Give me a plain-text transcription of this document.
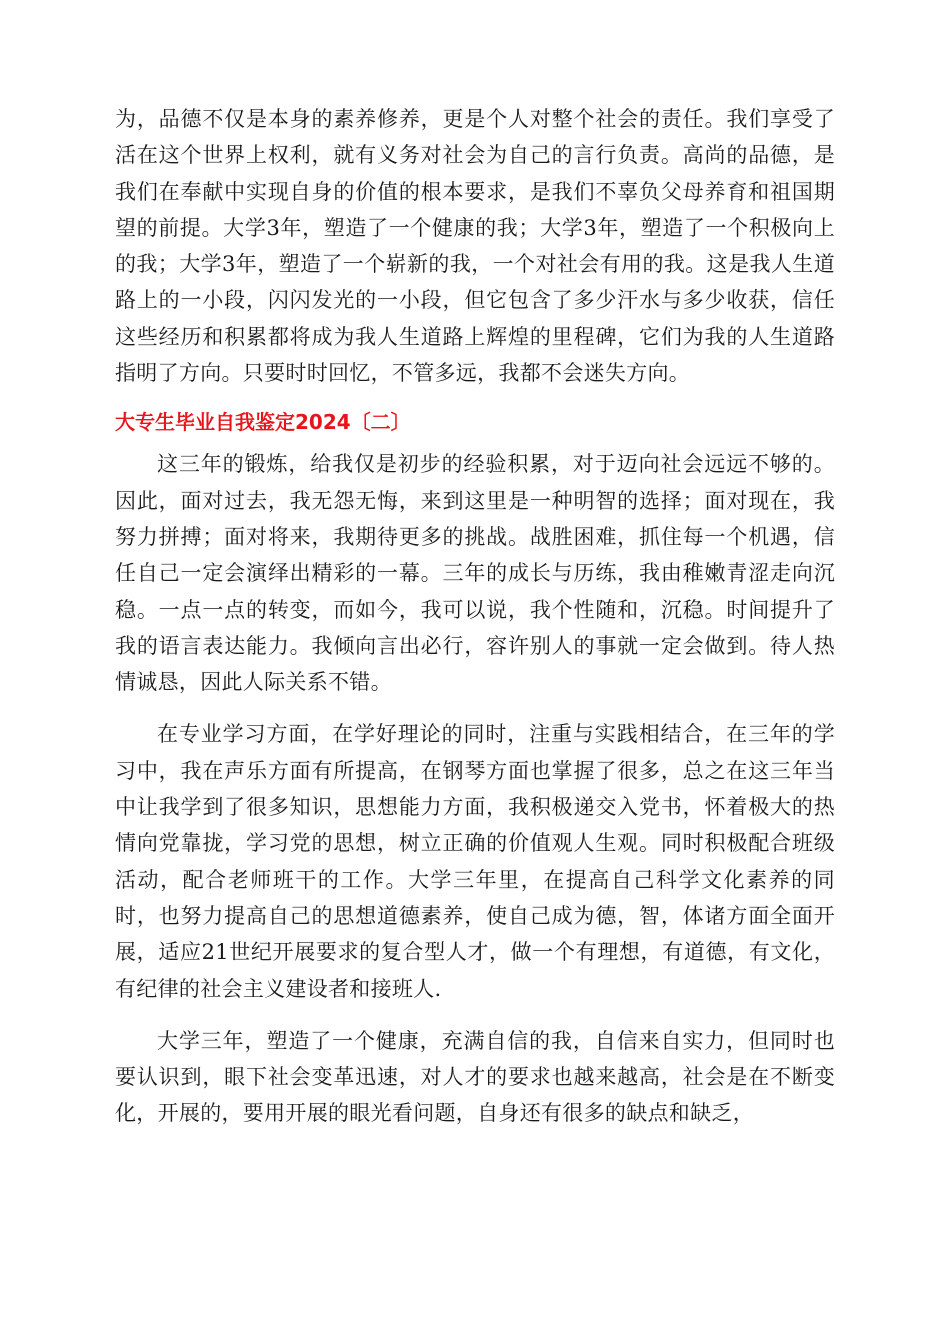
为，品德不仅是本身的素养修养，更是个人对整个社会的责任。我们享受了活在这个世界上权利，就有义务对社会为自己的言行负责。高尚的品德，是我们在奉献中实现自身的价值的根本要求，是我们不辜负父母养育和祖国期望的前提。大学3年，塑造了一个健康的我；大学3年，塑造了一个积极向上的我；大学3年，塑造了一个崭新的我，一个对社会有用的我。这是我人生道路上的一小段，闪闪发光的一小段，但它包含了多少汗水与多少收获，信任这些经历和积累都将成为我人生道路上辉煌的里程碑，它们为我的人生道路指明了方向。只要时时回忆，不管多远，我都不会迷失方向。

大专生毕业自我鉴定2024〔二〕

这三年的锻炼，给我仅是初步的经验积累，对于迈向社会远远不够的。因此，面对过去，我无怨无悔，来到这里是一种明智的选择；面对现在，我努力拼搏；面对将来，我期待更多的挑战。战胜困难，抓住每一个机遇，信任自己一定会演绎出精彩的一幕。三年的成长与历练，我由稚嫩青涩走向沉稳。一点一点的转变，而如今，我可以说，我个性随和，沉稳。时间提升了我的语言表达能力。我倾向言出必行，容许别人的事就一定会做到。待人热情诚恳，因此人际关系不错。

在专业学习方面，在学好理论的同时，注重与实践相结合，在三年的学习中，我在声乐方面有所提高，在钢琴方面也掌握了很多，总之在这三年当中让我学到了很多知识，思想能力方面，我积极递交入党书，怀着极大的热情向党靠拢，学习党的思想，树立正确的价值观人生观。同时积极配合班级活动，配合老师班干的工作。大学三年里，在提高自己科学文化素养的同时，也努力提高自己的思想道德素养，使自己成为德，智，体诸方面全面开展，适应21世纪开展要求的复合型人才，做一个有理想，有道德，有文化，有纪律的社会主义建设者和接班人.

大学三年，塑造了一个健康，充满自信的我，自信来自实力，但同时也要认识到，眼下社会变革迅速，对人才的要求也越来越高，社会是在不断变化，开展的，要用开展的眼光看问题，自身还有很多的缺点和缺乏，
